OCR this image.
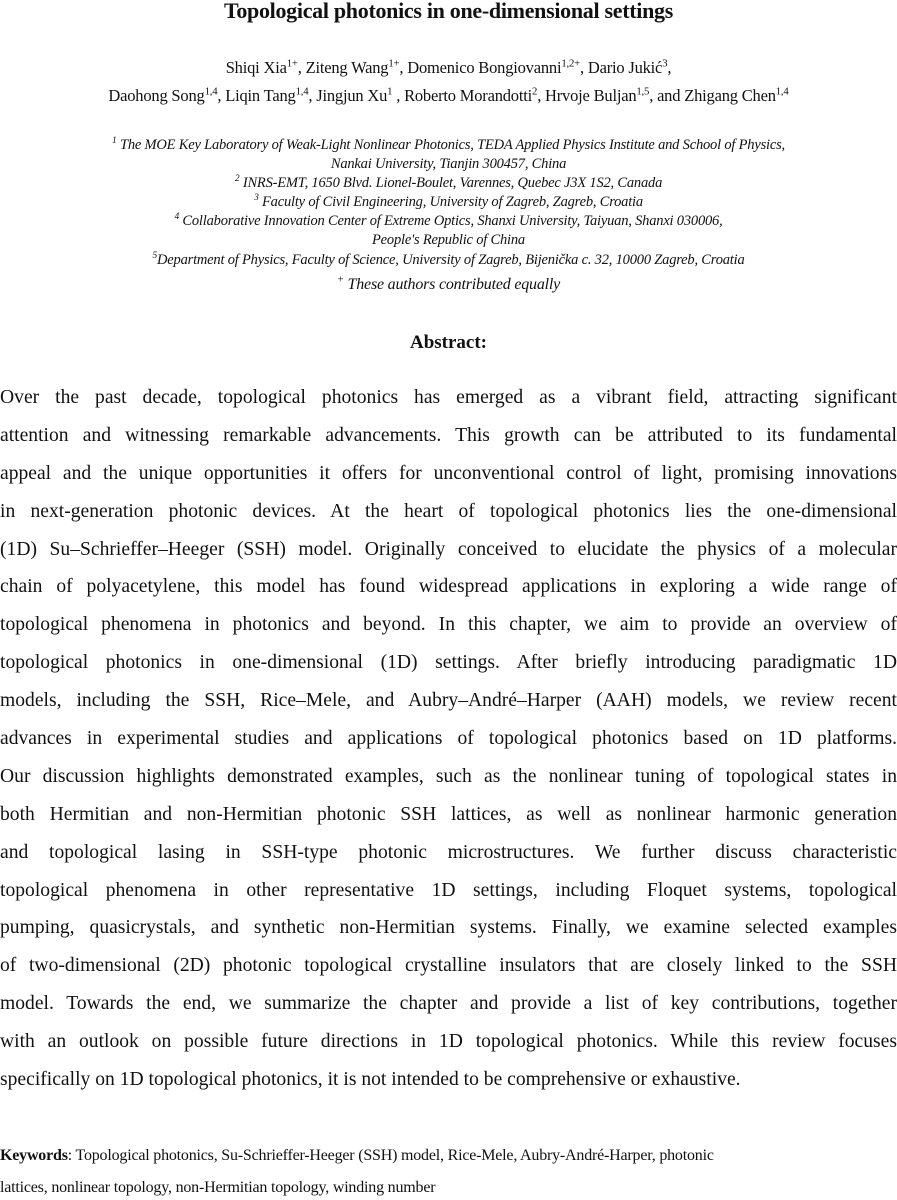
Topological photonics in one-dimensional settings
Shiqi Xia$^{1+}$, Ziteng Wang$^{1+}$, Domenico Bongiovanni$^{1,2+}$, Dario Jukić$^3$,
Daohong Song$^{1,4}$, Liqin Tang$^{1,4}$, Jingjun Xu$^1$ , Roberto Morandotti$^2$, Hrvoje Buljan$^{1,5}$, and Zhigang Chen$^{1,4}$
$^1$ The MOE Key Laboratory of Weak-Light Nonlinear Photonics, TEDA Applied Physics Institute and School of Physics,
Nankai University, Tianjin 300457, China
$^2$ INRS-EMT, 1650 Blvd. Lionel-Boulet, Varennes, Quebec J3X 1S2, Canada
$^3$ Faculty of Civil Engineering, University of Zagreb, Zagreb, Croatia
$^4$ Collaborative Innovation Center of Extreme Optics, Shanxi University, Taiyuan, Shanxi 030006,
People's Republic of China
$^5$Department of Physics, Faculty of Science, University of Zagreb, Bijenička c. 32, 10000 Zagreb, Croatia
+ These authors contributed equally
Abstract:
Over the past decade, topological photonics has emerged as a vibrant field, attracting significant
attention and witnessing remarkable advancements. This growth can be attributed to its fundamental
appeal and the unique opportunities it offers for unconventional control of light, promising innovations
in next-generation photonic devices. At the heart of topological photonics lies the one-dimensional
(1D) Su–Schrieffer–Heeger (SSH) model. Originally conceived to elucidate the physics of a molecular
chain of polyacetylene, this model has found widespread applications in exploring a wide range of
topological phenomena in photonics and beyond. In this chapter, we aim to provide an overview of
topological photonics in one-dimensional (1D) settings. After briefly introducing paradigmatic 1D
models, including the SSH, Rice–Mele, and Aubry–André–Harper (AAH) models, we review recent
advances in experimental studies and applications of topological photonics based on 1D platforms.
Our discussion highlights demonstrated examples, such as the nonlinear tuning of topological states in
both Hermitian and non-Hermitian photonic SSH lattices, as well as nonlinear harmonic generation
and topological lasing in SSH-type photonic microstructures. We further discuss characteristic
topological phenomena in other representative 1D settings, including Floquet systems, topological
pumping, quasicrystals, and synthetic non-Hermitian systems. Finally, we examine selected examples
of two-dimensional (2D) photonic topological crystalline insulators that are closely linked to the SSH
model. Towards the end, we summarize the chapter and provide a list of key contributions, together
with an outlook on possible future directions in 1D topological photonics. While this review focuses
specifically on 1D topological photonics, it is not intended to be comprehensive or exhaustive.
Keywords: Topological photonics, Su-Schrieffer-Heeger (SSH) model, Rice-Mele, Aubry-André-Harper, photonic
lattices, nonlinear topology, non-Hermitian topology, winding number
